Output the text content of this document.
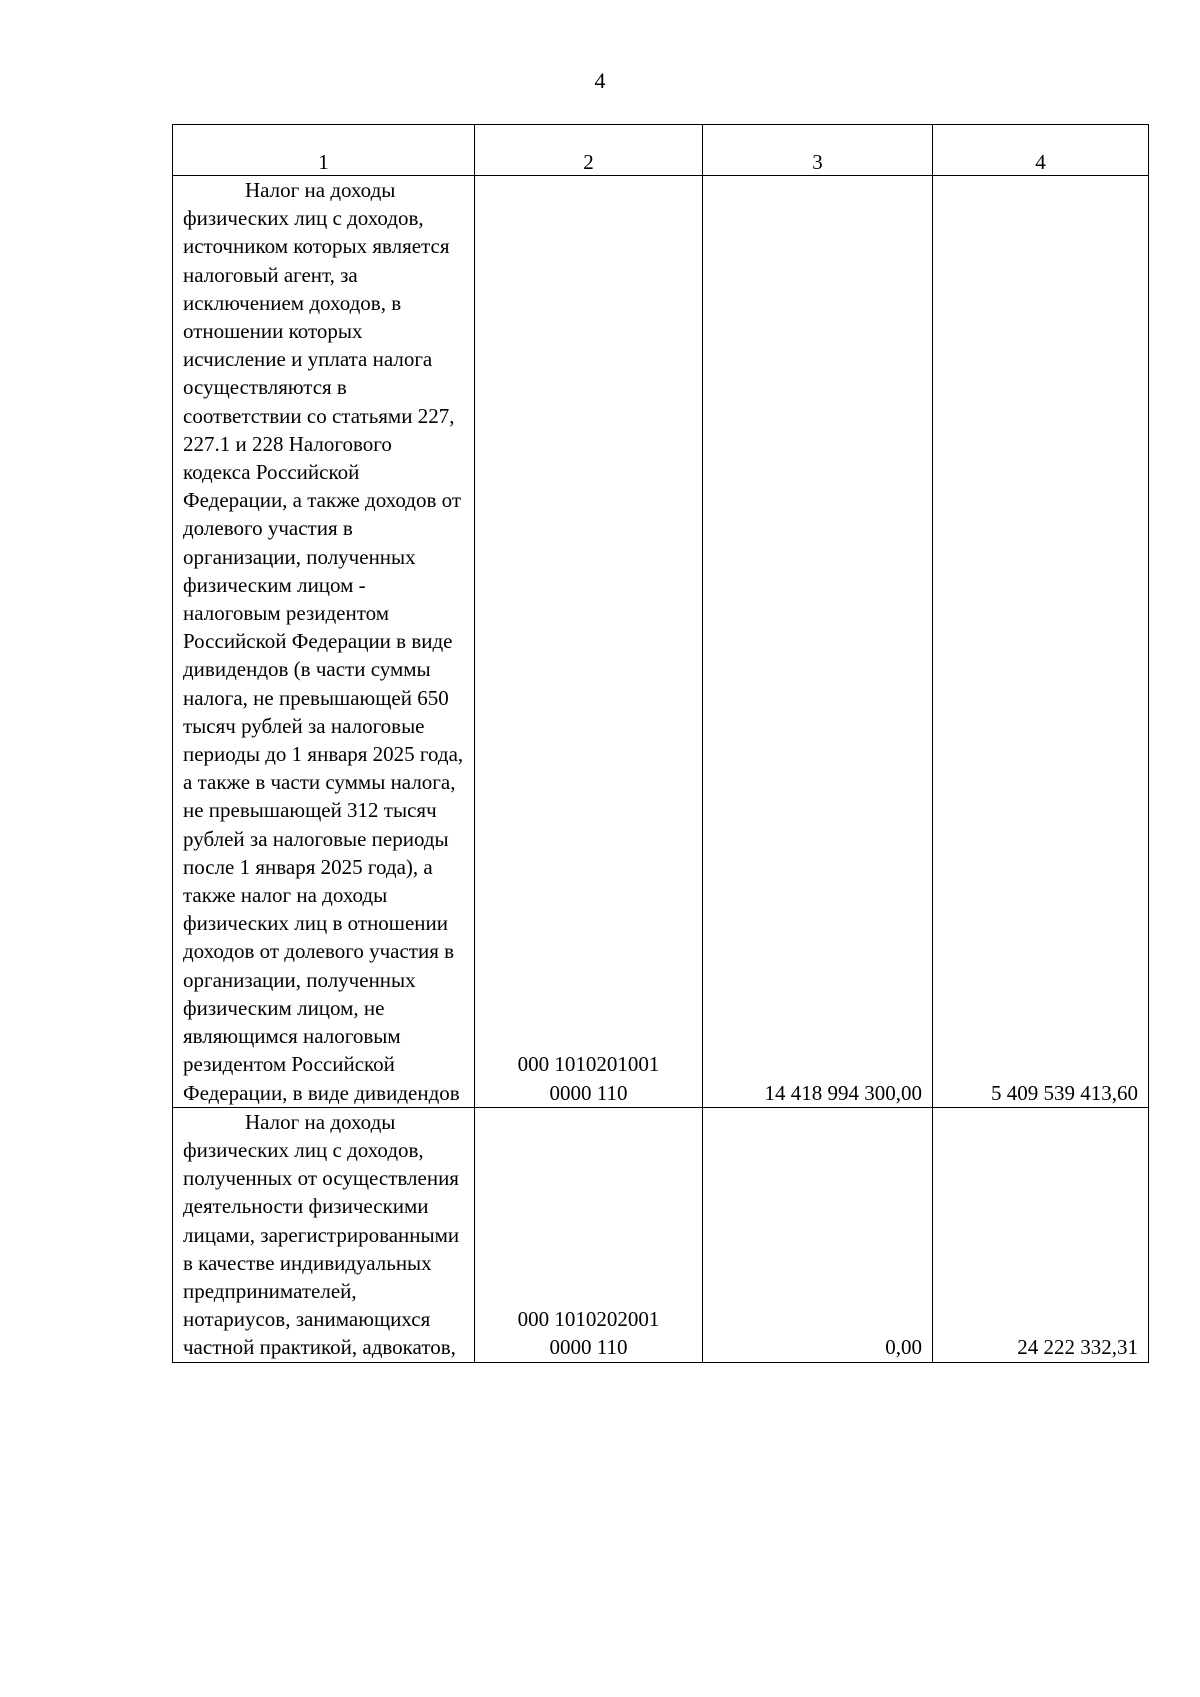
4
1	2	3	4

Налог на доходы физических лиц с доходов, источником которых является налоговый агент, за исключением доходов, в отношении которых исчисление и уплата налога осуществляются в соответствии со статьями 227, 227.1 и 228 Налогового кодекса Российской Федерации, а также доходов от долевого участия в организации, полученных физическим лицом - налоговым резидентом Российской Федерации в виде дивидендов (в части суммы налога, не превышающей 650 тысяч рублей за налоговые периоды до 1 января 2025 года, а также в части суммы налога, не превышающей 312 тысяч рублей за налоговые периоды после 1 января 2025 года), а также налог на доходы физических лиц в отношении доходов от долевого участия в организации, полученных физическим лицом, не являющимся налоговым резидентом Российской Федерации, в виде дивидендов	000 1010201001
0000 110	14 418 994 300,00	5 409 539 413,60

Налог на доходы физических лиц с доходов, полученных от осуществления деятельности физическими лицами, зарегистрированными в качестве индивидуальных предпринимателей, нотариусов, занимающихся частной практикой, адвокатов,	000 1010202001
0000 110	0,00	24 222 332,31
